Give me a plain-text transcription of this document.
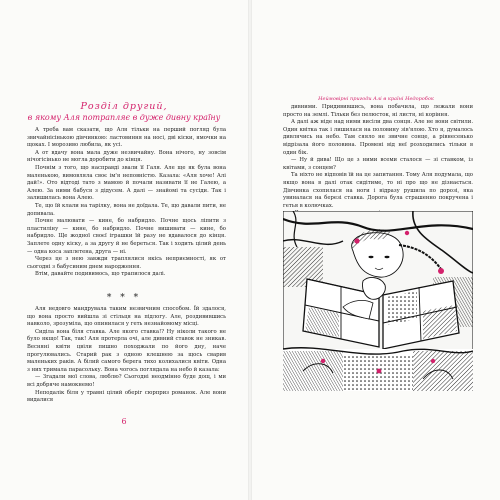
Розділ другий,
в якому Аля потрапляє в дуже дивну країну

А треба вам сказати, що Аля тільки на перший погляд була звичайнісінькою дівчинкою: ластовиння на носі, дві кіски, ямочки на щоках. І морозиво любила, як усі.

А от вдачу вона мала дуже незвичайну. Вона нічого, ну зовсім нічогісінько не могла доробити до кінця.

Почнім з того, що насправді звали її Галя. Але ще як була вона маленькою, вимовляла своє ім'я неповністю. Казала: «Аля хоче! Алі дай!». Ото відтоді тато з мамою й почали називати її не Галею, а Алею. За ними бабуся з дідусем. А далі — знайомі та сусіди. Так і залишилась вона Алею.

Те, що їй клали на тарілку, вона не доїдала. Те, що давали пити, не допивала.

Почне малювати — кине, бо набридло. Почне щось ліпити з пластиліну — кине, бо набридло. Почне вишивати — кине, бо набридло. Ще жодної своєї іграшки їй разу не вдавалося до кінця. Заплете одну кіску, а за другу й не береться. Так і ходить цілий день — одна коса заплетена, друга — ні.

Через це з нею завжди траплялися якісь неприємності, як от сьогодні з бабусиним днем народження.

Втім, давайте подивимось, що трапилося далі.

* * *

Аля недовго мандрувала таким незвичним способом. Їй здалося, що вона просто вийшла зі стільця на підлогу. Але, роздивившись навколо, зрозуміла, що опинилася у геть незнайомому місці.

Сиділа вона біля ставка. Але якого ставка!? Ну ніколи такого не було якщо! Так, так! Аля протерла очі, але дивний ставок не зникав. Весняні квіти цвіли пишно походжали по його дну, наче прогулювались. Старий рак з одною клешнею за щось сварив маленьких раків. А білий самого берега тихо колихалися квіти. Одна з них тримала парасольку. Вона чогось поглядала на небо й казала:

— Згадали мої слова, люблю? Сьогодні неодмінно буде дощ, і ми всі добряче намокнемо!

Неподалік біля у травні цілий оберіг сюрприз романок. Але вони видалися

6
Неймовірні пригоди Алі в країні Недоробок

дивними. Придивившись, вона побачила, що лежали вони просто на землі. Тільки без пелюсток, ні листя, ні коріння.

А далі аж ніде над ними висіли два сонця. Але не вони світили. Один квітка так і лишилася на половину зів'ялою. Хто я, думалось дивлячись на небо. Там сяяло не звичне сонце, а рівнесенько відрізала його половина. Промені від неї розходились тільки в один бік.

— Ну й дива! Що це з ними всеми сталося — зі ставком, із квітами, з сонцем?

Та ніхто не відповів їй на це запитання. Тому Аля подумала, що якщо вона в далі отак сидітиме, то ні про що не дізнається. Дівчинка схопилася на ноги і відразу рушила по дорозі, яка увиналася на березі ставка. Дорога була страшенно покручена і гетья в колючках.
